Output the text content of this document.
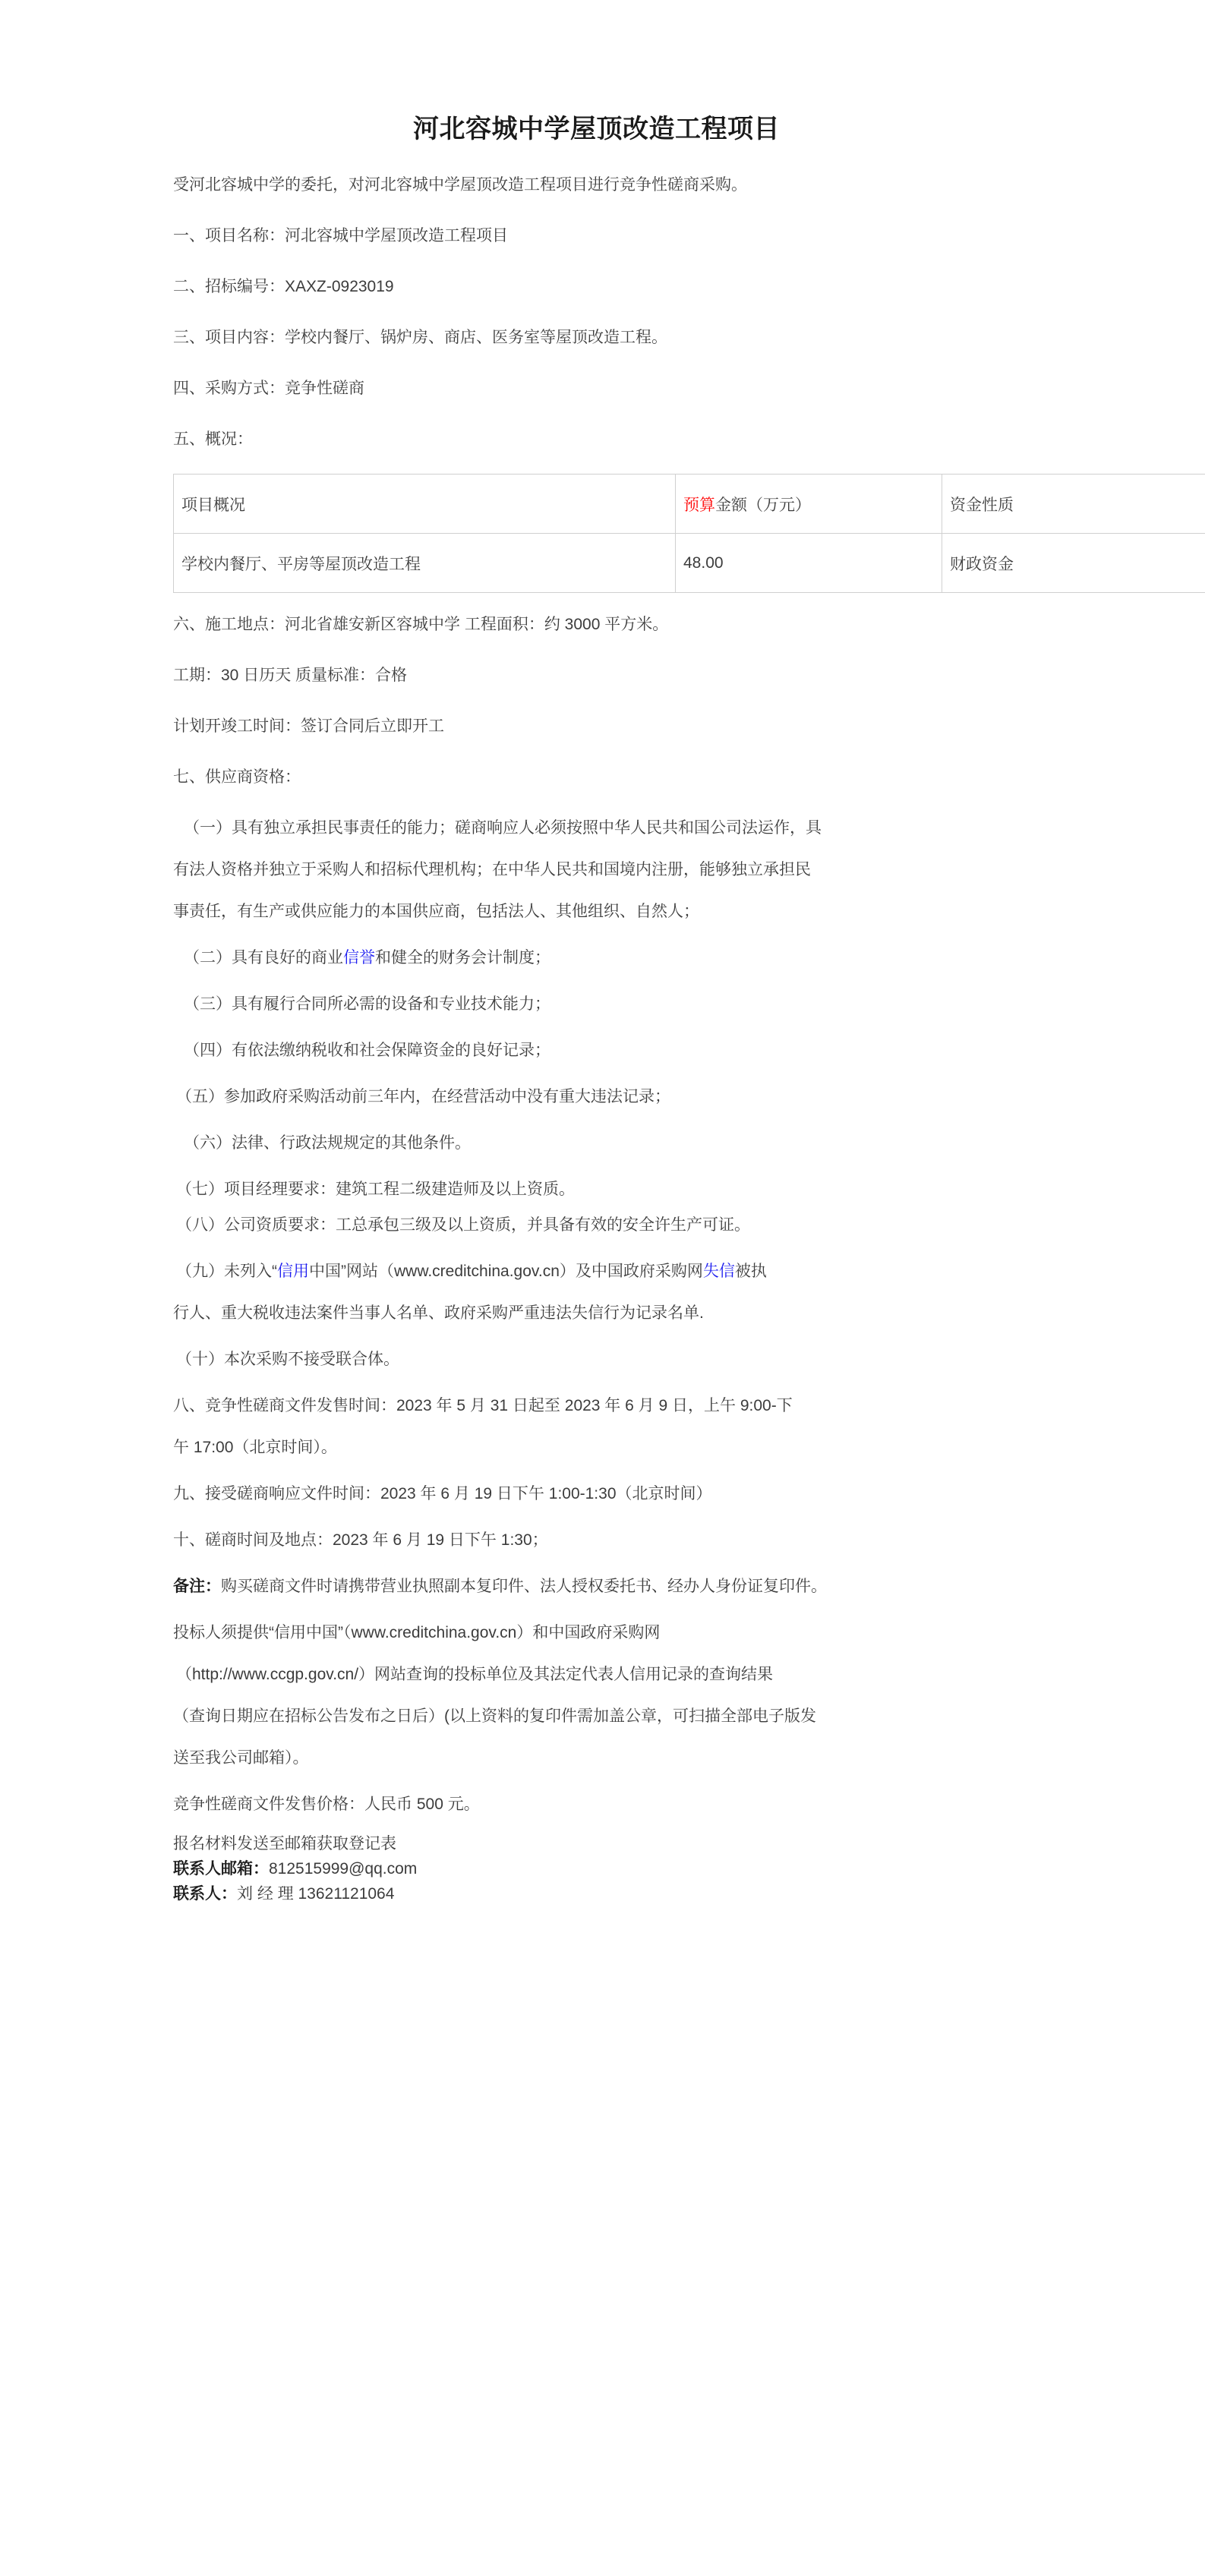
河北容城中学屋顶改造工程项目

受河北容城中学的委托，对河北容城中学屋顶改造工程项目进行竞争性磋商采购。

一、项目名称：河北容城中学屋顶改造工程项目

二、招标编号：XAXZ-0923019

三、项目内容：学校内餐厅、锅炉房、商店、医务室等屋顶改造工程。

四、采购方式：竞争性磋商

五、概况：

项目概况	预算金额（万元）	资金性质
学校内餐厅、平房等屋顶改造工程	48.00	财政资金

六、施工地点：河北省雄安新区容城中学 工程面积：约 3000 平方米。

工期：30 日历天 质量标准：合格

计划开竣工时间：签订合同后立即开工

七、供应商资格：

（一）具有独立承担民事责任的能力；磋商响应人必须按照中华人民共和国公司法运作，具

有法人资格并独立于采购人和招标代理机构；在中华人民共和国境内注册，能够独立承担民

事责任，有生产或供应能力的本国供应商，包括法人、其他组织、自然人；

（二）具有良好的商业信誉和健全的财务会计制度；

（三）具有履行合同所必需的设备和专业技术能力；

（四）有依法缴纳税收和社会保障资金的良好记录；

（五）参加政府采购活动前三年内，在经营活动中没有重大违法记录；

（六）法律、行政法规规定的其他条件。

（七）项目经理要求：建筑工程二级建造师及以上资质。

（八）公司资质要求：工总承包三级及以上资质，并具备有效的安全许生产可证。

（九）未列入“信用中国”网站（www.creditchina.gov.cn）及中国政府采购网失信被执

行人、重大税收违法案件当事人名单、政府采购严重违法失信行为记录名单.

（十）本次采购不接受联合体。

八、竞争性磋商文件发售时间：2023 年 5 月 31 日起至 2023 年 6 月 9 日，上午 9:00-下

午 17:00（北京时间）。

九、接受磋商响应文件时间：2023 年 6 月 19 日下午 1:00-1:30（北京时间）

十、磋商时间及地点：2023 年 6 月 19 日下午 1:30；

备注：购买磋商文件时请携带营业执照副本复印件、法人授权委托书、经办人身份证复印件。

投标人须提供“信用中国”（www.creditchina.gov.cn）和中国政府采购网

（http://www.ccgp.gov.cn/）网站查询的投标单位及其法定代表人信用记录的查询结果

（查询日期应在招标公告发布之日后）(以上资料的复印件需加盖公章，可扫描全部电子版发

送至我公司邮箱）。

竞争性磋商文件发售价格：人民币 500 元。

报名材料发送至邮箱获取登记表

联系人邮箱：812515999@qq.com

联系人：刘 经 理 13621121064
